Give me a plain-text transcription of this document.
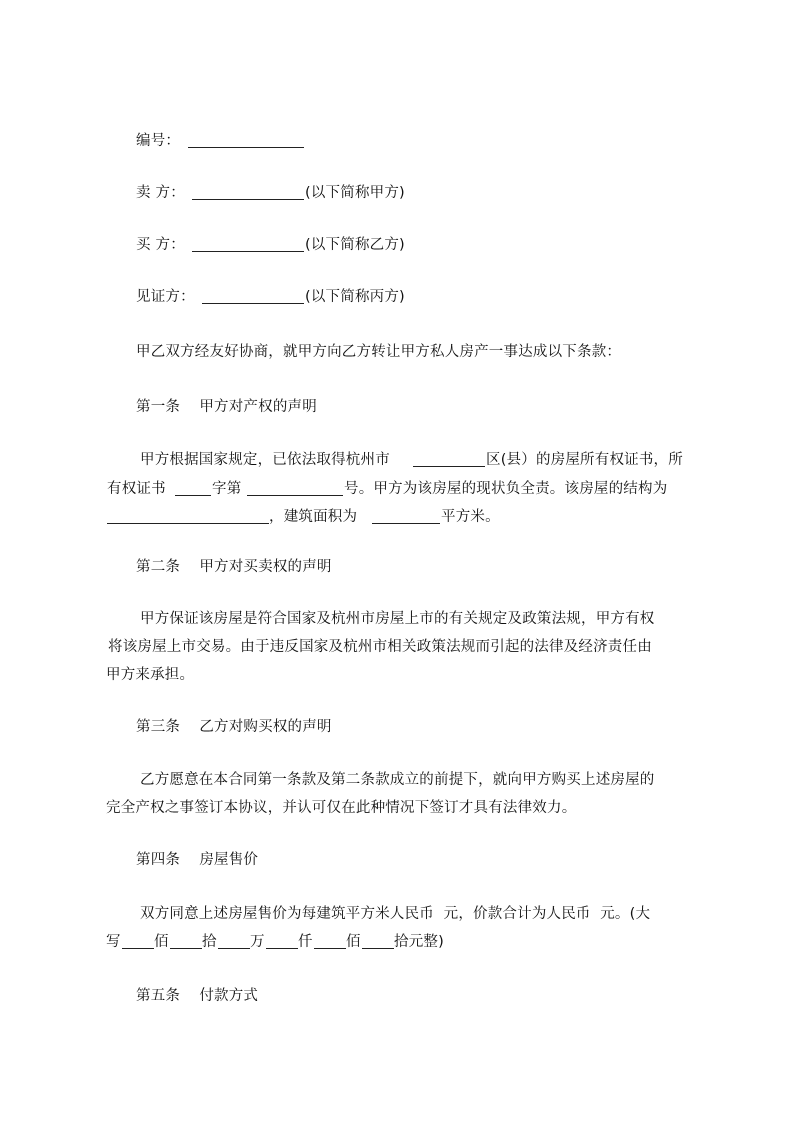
编号：
卖 方：	(以下简称甲方)
买 方：	(以下简称乙方)
见证方：	(以下简称丙方)
甲乙双方经友好协商，就甲方向乙方转让甲方私人房产一事达成以下条款：
第一条    甲方对产权的声明
甲方根据国家规定，已依法取得杭州市	区(县）的房屋所有权证书，所
有权证书	字第	号。甲方为该房屋的现状负全责。该房屋的结构为
，建筑面积为	平方米。
第二条    甲方对买卖权的声明
甲方保证该房屋是符合国家及杭州市房屋上市的有关规定及政策法规，甲方有权
将该房屋上市交易。由于违反国家及杭州市相关政策法规而引起的法律及经济责任由
甲方来承担。
第三条    乙方对购买权的声明
乙方愿意在本合同第一条款及第二条款成立的前提下，就向甲方购买上述房屋的
完全产权之事签订本协议，并认可仅在此种情况下签订才具有法律效力。
第四条    房屋售价
双方同意上述房屋售价为每建筑平方米人民币  元，价款合计为人民币  元。(大
写 佰 拾 万 仟 佰 拾元整)
第五条    付款方式
